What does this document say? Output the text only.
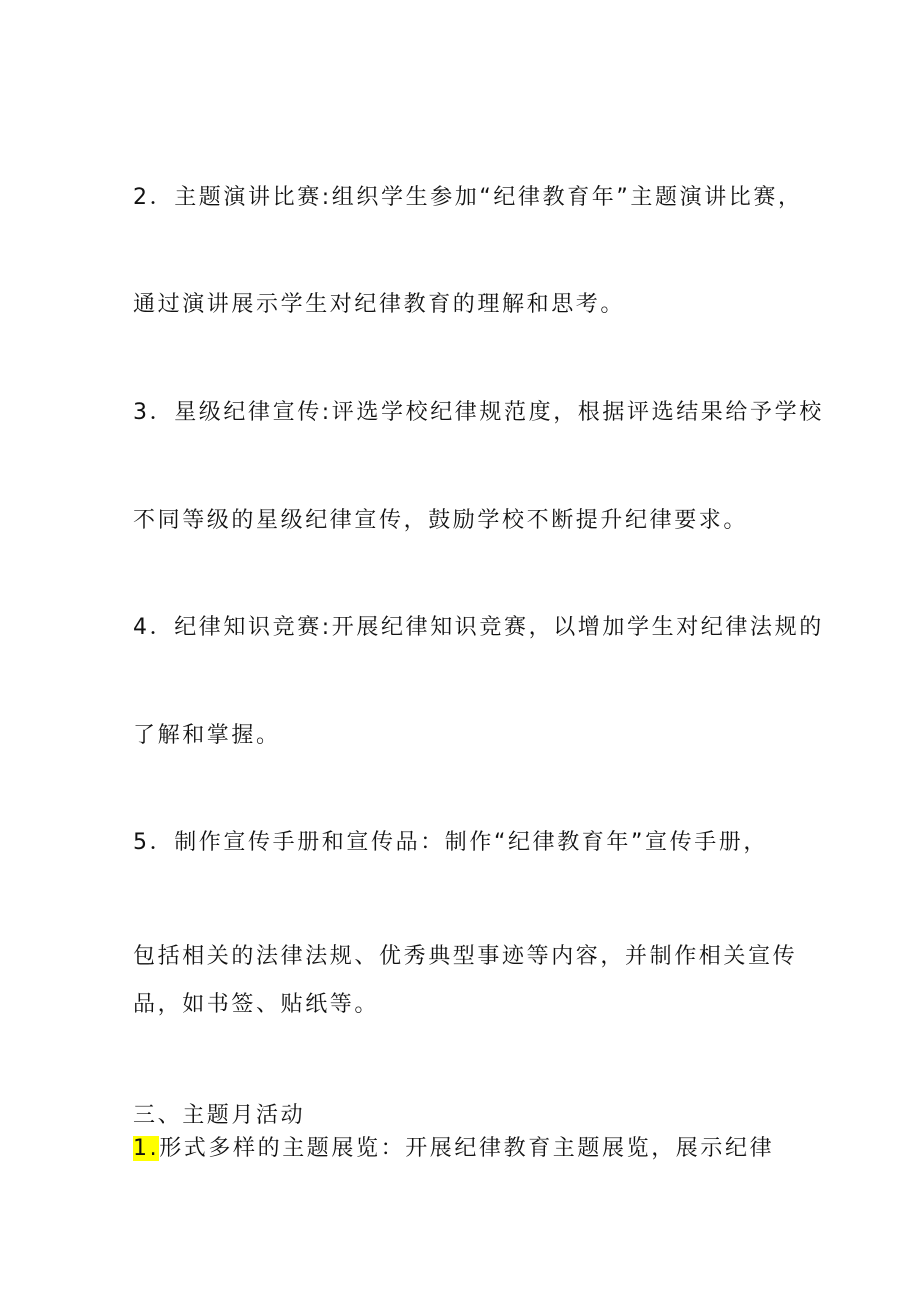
2．主题演讲比赛:组织学生参加“纪律教育年”主题演讲比赛，
通过演讲展示学生对纪律教育的理解和思考。
3．星级纪律宣传:评选学校纪律规范度，根据评选结果给予学校
不同等级的星级纪律宣传，鼓励学校不断提升纪律要求。
4．纪律知识竞赛:开展纪律知识竞赛，以增加学生对纪律法规的
了解和掌握。
5．制作宣传手册和宣传品：制作“纪律教育年”宣传手册，
包括相关的法律法规、优秀典型事迹等内容，并制作相关宣传
品，如书签、贴纸等。
三、主题月活动
1.形式多样的主题展览：开展纪律教育主题展览，展示纪律
